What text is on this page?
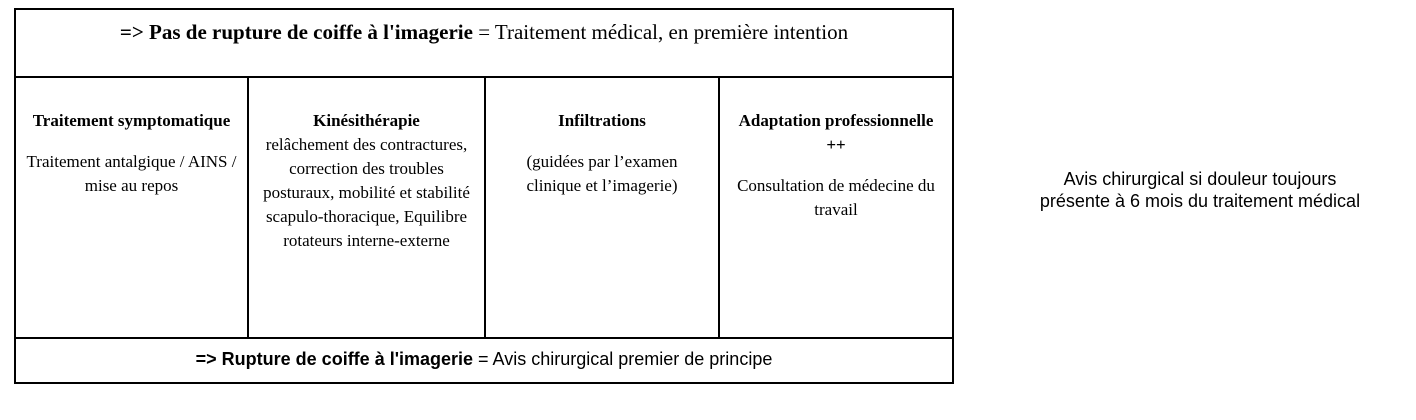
=> Pas de rupture de coiffe à l'imagerie = Traitement médical, en première intention
Traitement symptomatique
Traitement antalgique / AINS / mise au repos
Kinésithérapie
relâchement des contractures, correction des troubles posturaux, mobilité et stabilité scapulo-thoracique, Equilibre rotateurs interne-externe
Infiltrations
(guidées par l’examen clinique et l’imagerie)
Adaptation professionnelle ++
Consultation de médecine du travail
=> Rupture de coiffe à l'imagerie = Avis chirurgical premier de principe
Avis chirurgical si douleur toujours
présente à 6 mois du traitement médical
